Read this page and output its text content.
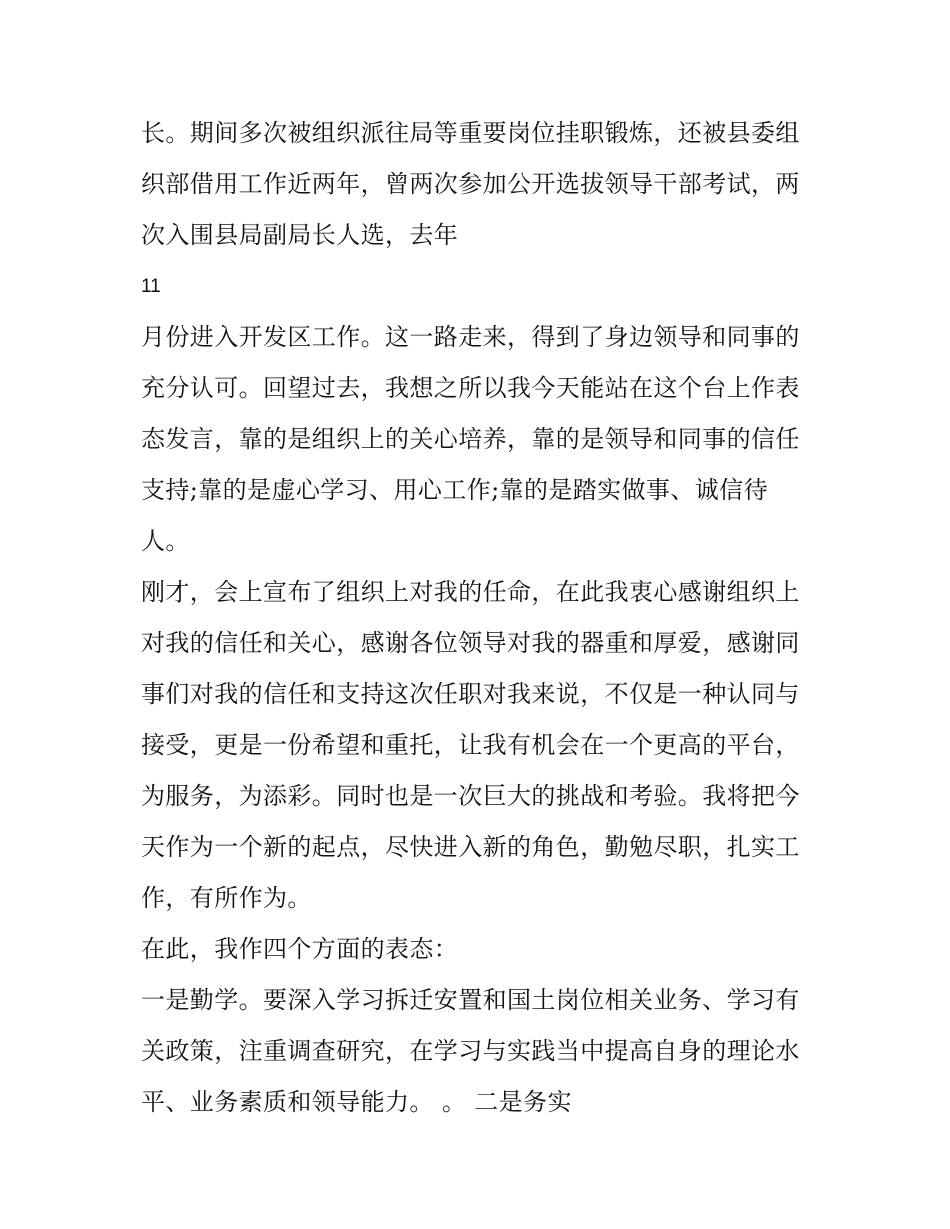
长。期间多次被组织派往局等重要岗位挂职锻炼，还被县委组
织部借用工作近两年，曾两次参加公开选拔领导干部考试，两
次入围县局副局长人选，去年
11
月份进入开发区工作。这一路走来，得到了身边领导和同事的
充分认可。回望过去，我想之所以我今天能站在这个台上作表
态发言，靠的是组织上的关心培养，靠的是领导和同事的信任
支持;靠的是虚心学习、用心工作;靠的是踏实做事、诚信待
人。
刚才，会上宣布了组织上对我的任命，在此我衷心感谢组织上
对我的信任和关心，感谢各位领导对我的器重和厚爱，感谢同
事们对我的信任和支持这次任职对我来说，不仅是一种认同与
接受，更是一份希望和重托，让我有机会在一个更高的平台，
为服务，为添彩。同时也是一次巨大的挑战和考验。我将把今
天作为一个新的起点，尽快进入新的角色，勤勉尽职，扎实工
作，有所作为。
在此，我作四个方面的表态：
一是勤学。要深入学习拆迁安置和国土岗位相关业务、学习有
关政策，注重调查研究，在学习与实践当中提高自身的理论水
平、业务素质和领导能力。 。 二是务实
